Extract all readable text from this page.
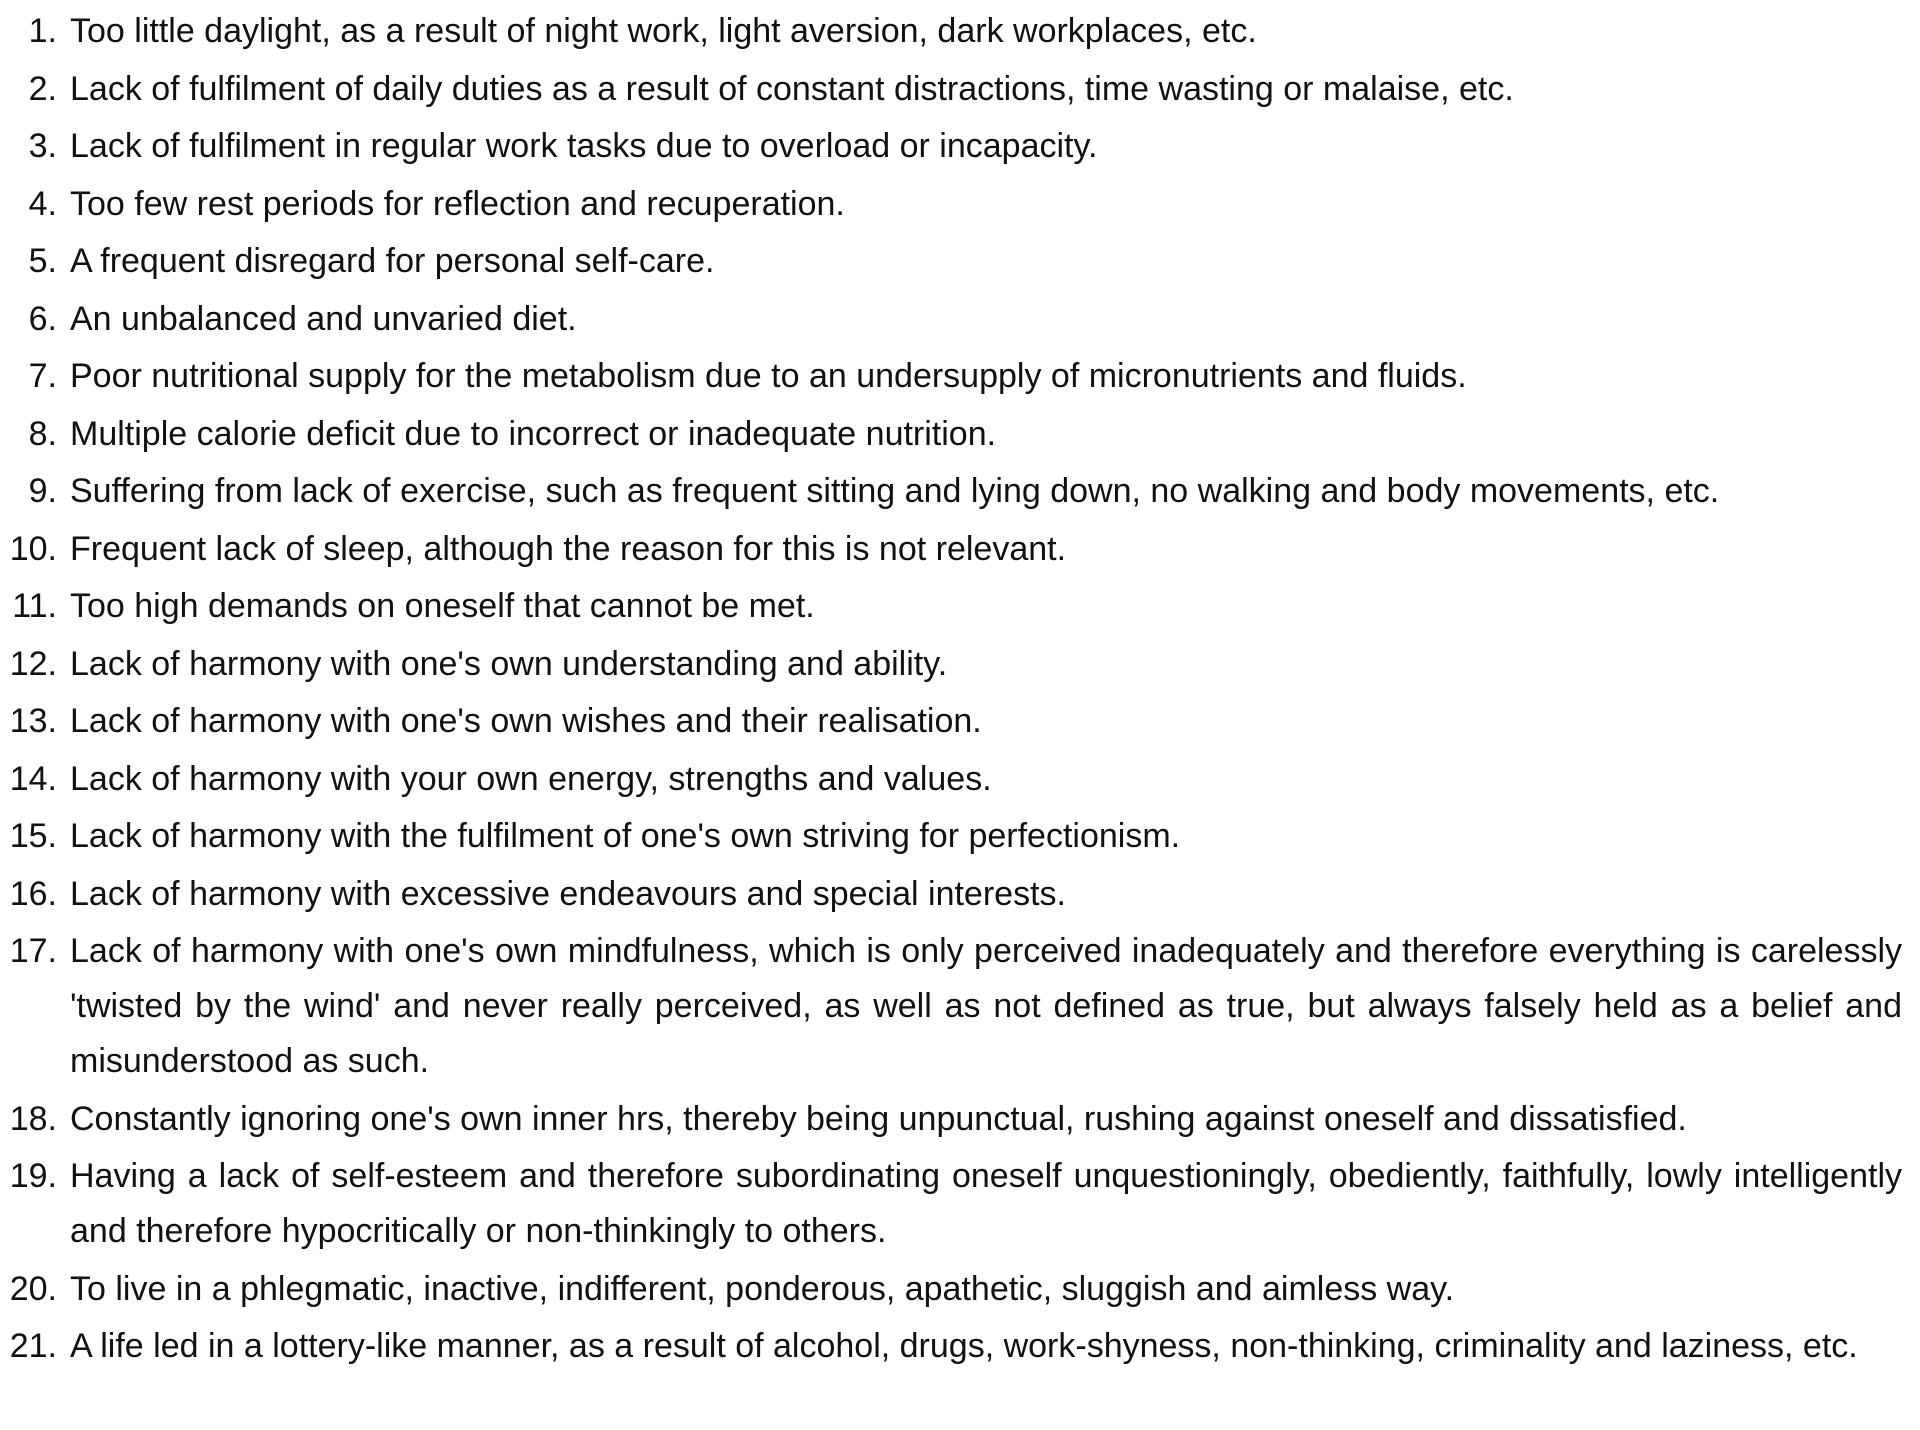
1. Too little daylight, as a result of night work, light aversion, dark workplaces, etc.
2. Lack of fulfilment of daily duties as a result of constant distractions, time wasting or malaise, etc.
3. Lack of fulfilment in regular work tasks due to overload or incapacity.
4. Too few rest periods for reflection and recuperation.
5. A frequent disregard for personal self-care.
6. An unbalanced and unvaried diet.
7. Poor nutritional supply for the metabolism due to an undersupply of micronutrients and fluids.
8. Multiple calorie deficit due to incorrect or inadequate nutrition.
9. Suffering from lack of exercise, such as frequent sitting and lying down, no walking and body movements, etc.
10. Frequent lack of sleep, although the reason for this is not relevant.
11. Too high demands on oneself that cannot be met.
12. Lack of harmony with one's own understanding and ability.
13. Lack of harmony with one's own wishes and their realisation.
14. Lack of harmony with your own energy, strengths and values.
15. Lack of harmony with the fulfilment of one's own striving for perfectionism.
16. Lack of harmony with excessive endeavours and special interests.
17. Lack of harmony with one's own mindfulness, which is only perceived inadequately and therefore everything is carelessly 'twisted by the wind' and never really perceived, as well as not defined as true, but always falsely held as a belief and misunderstood as such.
18. Constantly ignoring one's own inner hrs, thereby being unpunctual, rushing against oneself and dissatisfied.
19. Having a lack of self-esteem and therefore subordinating oneself unquestioningly, obediently, faithfully, lowly intelligently and therefore hypocritically or non-thinkingly to others.
20. To live in a phlegmatic, inactive, indifferent, ponderous, apathetic, sluggish and aimless way.
21. A life led in a lottery-like manner, as a result of alcohol, drugs, work-shyness, non-thinking, criminality and laziness, etc.
